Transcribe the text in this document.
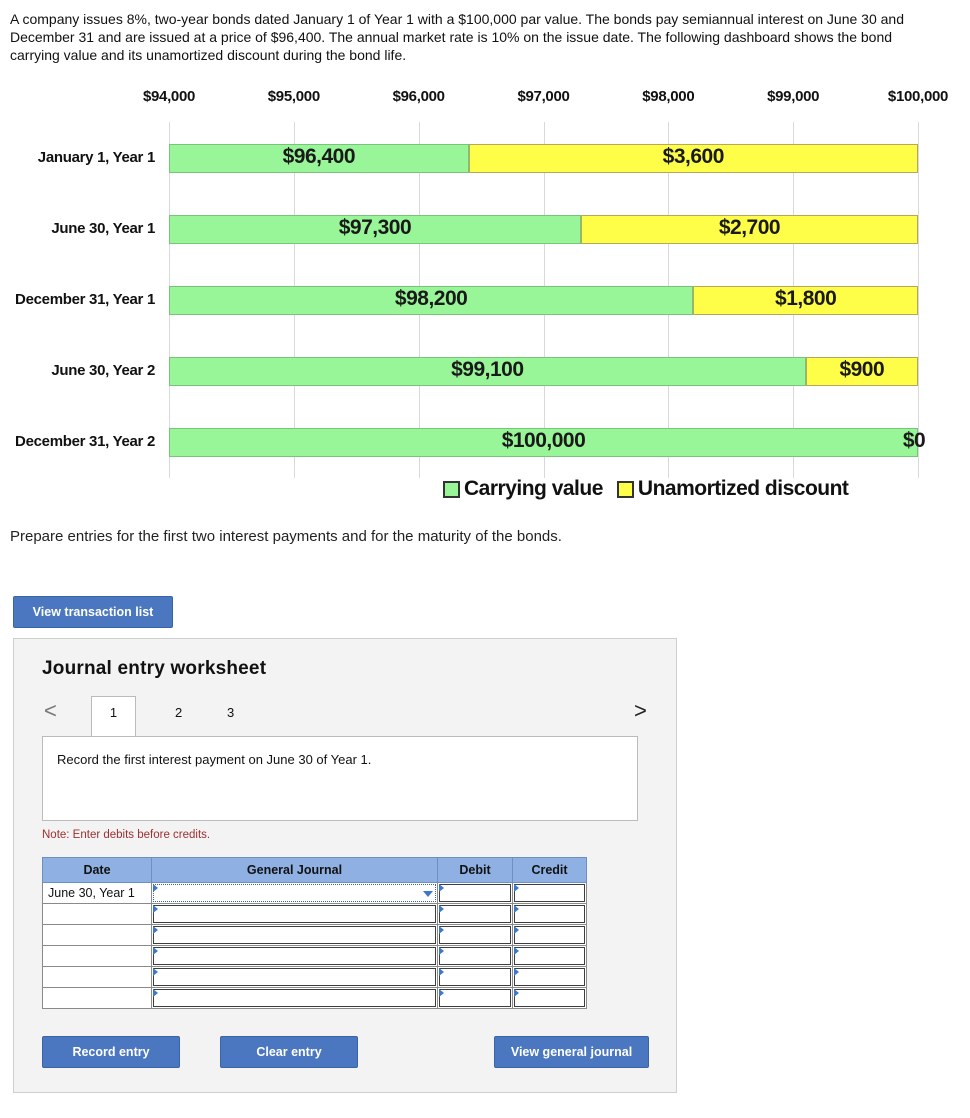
A company issues 8%, two-year bonds dated January 1 of Year 1 with a $100,000 par value. The bonds pay semiannual interest on June 30 and December 31 and are issued at a price of $96,400. The annual market rate is 10% on the issue date. The following dashboard shows the bond carrying value and its unamortized discount during the bond life.
$94,000	$95,000	$96,000	$97,000	$98,000	$99,000	$100,000
January 1, Year 1	$96,400	$3,600
June 30, Year 1	$97,300	$2,700
December 31, Year 1	$98,200	$1,800
June 30, Year 2	$99,100	$900
December 31, Year 2	$100,000	$0
Carrying value Unamortized discount
Prepare entries for the first two interest payments and for the maturity of the bonds.
View transaction list
Journal entry worksheet
<	>
1	2	3
Record the first interest payment on June 30 of Year 1.
Note: Enter debits before credits.
Date	General Journal	Debit	Credit
June 30, Year 1	

Record entry	Clear entry	View general journal
